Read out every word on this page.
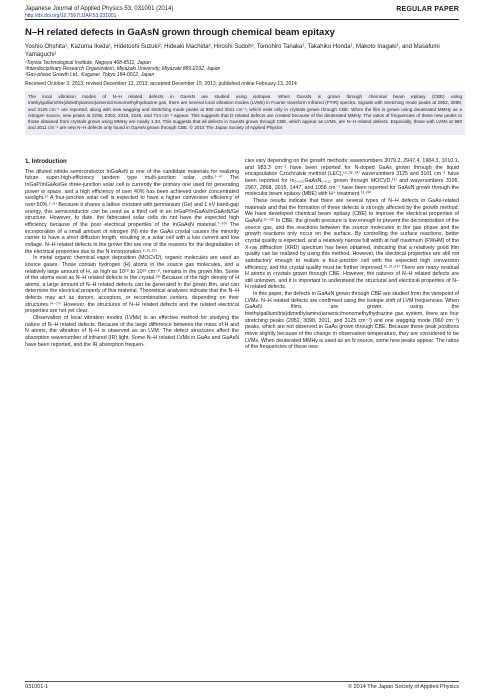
Japanese Journal of Applied Physics 53, 031001 (2014)
http://dx.doi.org/10.7567/JJAP.53.031001
REGULAR PAPER
N–H related defects in GaAsN grown through chemical beam epitaxy
Yoshio Ohshita¹, Kazuma Ikeda¹, Hidetoshi Suzuki², Hideaki Machida³, Hiroshi Sudoh³, Tomohiro Tanaka¹, Takahiko Honda¹, Makoto Inagaki¹, and Masafumi Yamaguchi¹
¹Toyota Technological Institute, Nagoya 468-8511, Japan
²Interdisciplinary Research Organization, Miyazaki University, Miyazaki 889-2192, Japan
³Gas-phase Growth Ltd., Koganei, Tokyo 184-0012, Japan
Received October 3, 2013; revised December 12, 2013; accepted December 15, 2013; published online February 13, 2014
The local vibration modes of N–H related defects in GaAsN are studied using isotopes. When GaAsN is grown through chemical beam epitaxy (CBE) using triethylgallium/tris(dimethylamino)arsenic/monomethylhydrazine gas, there are several local vibration modes (LVMs) in Fourier transform infrared (FTIR) spectra. Signals with stretching mode peaks at 2952, 3098, and 3125 cm⁻¹ are reported, along with new wagging and stretching mode peaks at 960 and 3011 cm⁻¹, which exist only in crystals grown through CBE. When the film is grown using deuterated MMHy as a nitrogen source, new peaks at 2206, 2302, 2318, 2245, and 714 cm⁻¹ appear. This suggests that D related defects are created because of the deuterated MMHy. The ratios of frequencies of these new peaks to those obtained from crystals grown using MMHy are nearly 1.34. This suggests that all defects in GaAsN grown through CBE, which appear as LVMs, are N–H related defects. Especially, those with LVMs at 960 and 3011 cm⁻¹ are new N–H defects only found in GaAsN grown through CBE. © 2014 The Japan Society of Applied Physics
1. Introduction

The diluted nitride semiconductor InGaAsN is one of the candidate materials for realizing future super-high-efficiency tandem type multi-junction solar cells.¹⁻⁴⁾ The InGaP/InGaAs/Ge three-junction solar cell is currently the primary one used for generating power in space, and a high efficiency of over 40% has been achieved under concentrated sunlight.⁵⁾ A four-junction solar cell is expected to have a higher conversion efficiency of over 50%.¹⁻⁶⁾ Because it shares a lattice constant with germanium (Ge) and 1 eV band-gap energy, this semiconductor can be used as a third cell in an InGaP/InGaAs/InGaAsN/Ge structure. However, to date, the fabricated solar cells do not have the expected high efficiency because of the poor electrical properties of the InGaAsN material.⁷⁻¹⁰⁾ The incorporation of a small amount of nitrogen (N) into the GaAs crystal causes the minority carrier to have a short diffusion length, resulting in a solar cell with a low current and low voltage. N–H related defects in the grown film are one of the reasons for the degradation of the electrical properties due to the N incorporation.⁶·¹¹·¹²⁾

In metal organic chemical vapor deposition (MOCVD), organic molecules are used as source gases. Those contain hydrogen (H) atoms in the source gas molecules, and a relatively large amount of H, as high as 10¹⁸ to 10¹⁹ cm⁻³, remains in the grown film. Some of the atoms exist as N–H related defects in the crystal.¹³⁾ Because of the high density of H atoms, a large amount of N–H related defects can be generated in the grown film, and can determine the electrical property of this material. Theoretical analyses indicate that the N–H defects may act as donors, acceptors, or recombination centers, depending on their structures.¹⁴⁻¹⁷⁾ However, the structures of N–H related defects and the related electrical properties are not yet clear.

Observation of local vibration modes (LVMs) is an effective method for studying the nature of N–H related defects. Because of the large difference between the mass of H and N atoms, the vibration of N–H is observed as an LVM. The defect structures affect the absorption wavenumber of infrared (IR) light. Some N–H related LVMs in GaAs and GaAsN have been reported, and the IR absorption frequen-

cies vary depending on the growth methods: wavenumbers 3079.2, 2947.4, 1984.3, 1010.1, and 983.3 cm⁻¹ have been reported for N-doped GaAs grown through the liquid encapsulation Czochralski method (LEC),¹⁵·¹⁸·¹⁹⁾ wavenumbers 3125 and 3101 cm⁻¹ have been reported for In₀.₀₂₅GaAsN₀.₀₁₂ grown through MOCVD,¹³⁾ and wavenumbers 3195, 2967, 2868, 2015, 1447, and 1058 cm⁻¹ have been reported for GaAsN grown through the molecular beam epitaxy (MBE) with H⁺ treatment.¹³·²⁰⁾

These results indicate that there are several types of N–H defects in GaAs-related materials and that the formation of these defects is strongly affected by the growth method. We have developed chemical beam epitaxy (CBE) to improve the electrical properties of GaAsN.²¹⁻²³⁾ In CBE, the growth pressure is low enough to prevent the decomposition of the source gas, and the reactions between the source molecules in the gas phase and the growth reactions only occur on the surface. By controlling the surface reactions, better crystal quality is expected, and a relatively narrow full width at half maximum (FWHM) of the X-ray diffraction (XRD) spectrum has been obtained, indicating that a relatively good film quality can be realized by using this method. However, the electrical properties are still not satisfactory enough to realize a four-junction cell with the expected high conversion efficiency, and the crystal quality must be further improved.¹⁶·²¹·²⁴⁾ There are many residual H atoms in crystals grown through CBE. However, the natures of N–H related defects are still unknown, and it is important to understand the structural and electrical properties of N–H related defects.

In this paper, the defects in GaAsN grown through CBE are studied from the viewpoint of LVMs. N–H related defects are confirmed using the isotope shift of LVM frequencies. When GaAsN films are grown using the triethylgallium/tris(dimethylamino)arsenic/monomethylhydrazine gas system, there are four stretching peaks (2952, 3098, 3011, and 3125 cm⁻¹) and one wagging mode (960 cm⁻¹) peaks, which are not observed in GaAs grown through CBE. Because these peak positions move slightly because of the change in observation temperature, they are considered to be LVMs. When deuterated MMHy is used as an N source, some new peaks appear. The ratios of the frequencies of these new

031001-1	© 2014 The Japan Society of Applied Physics
